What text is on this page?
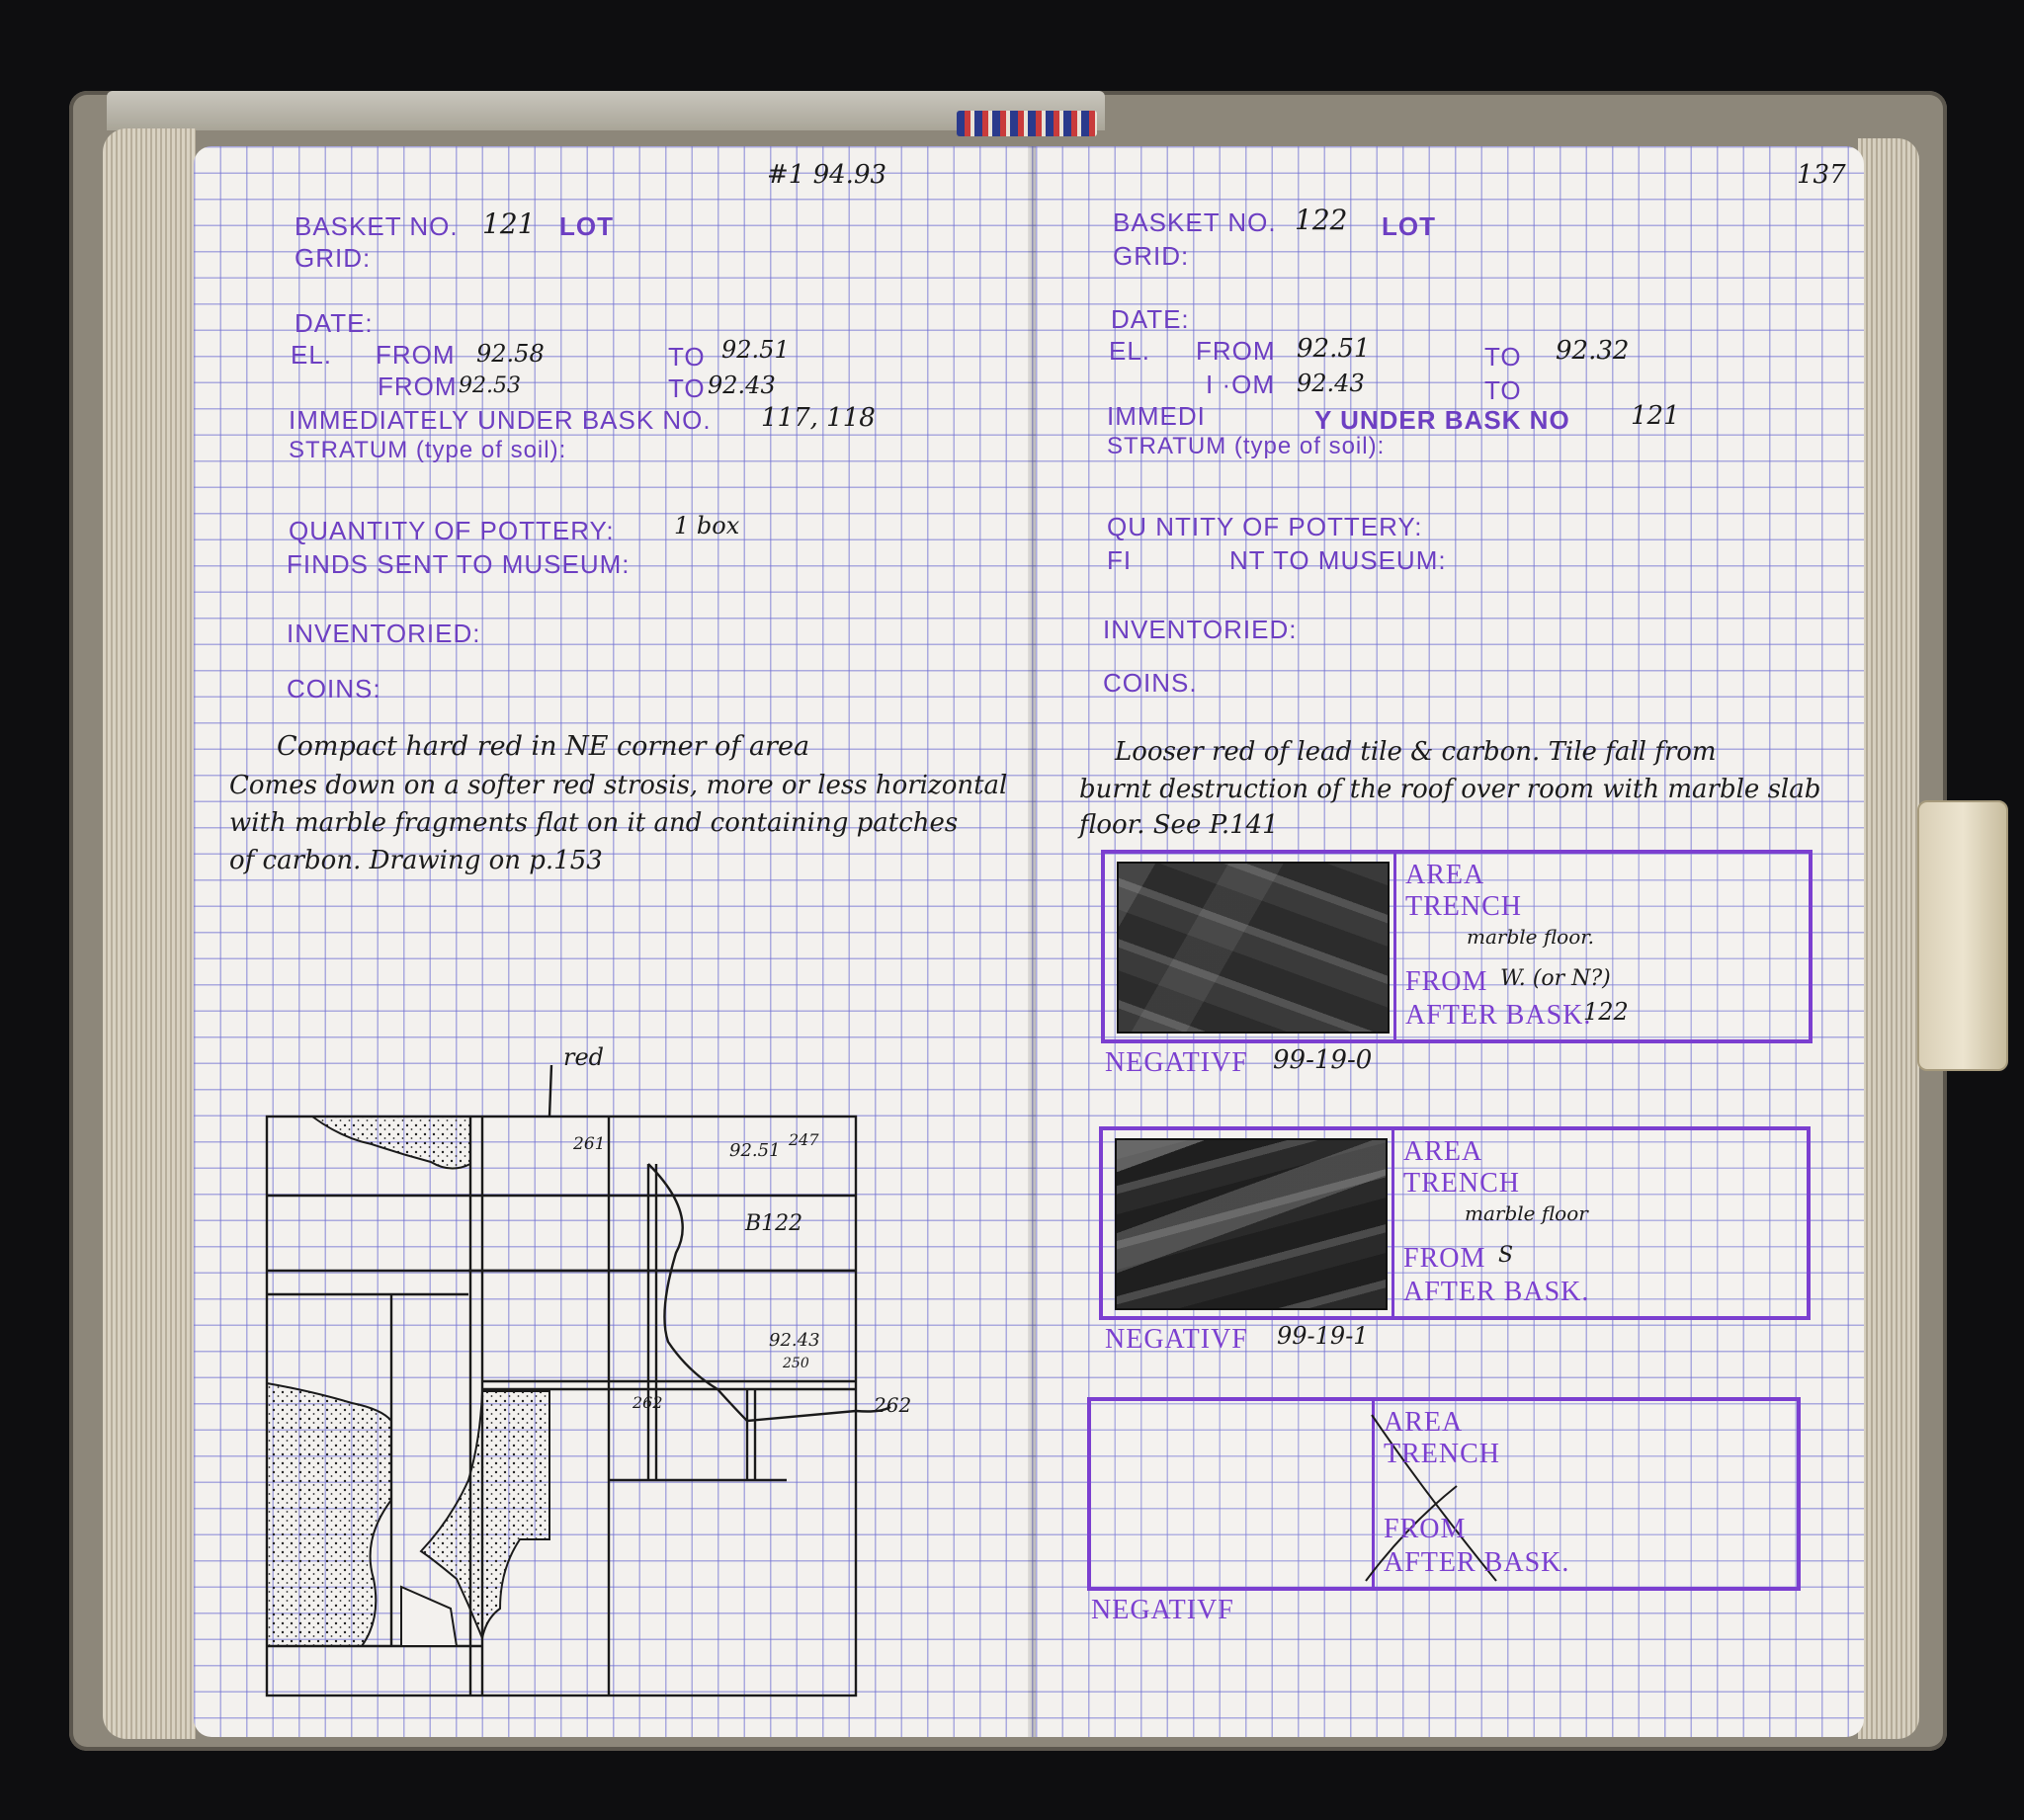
#1 94.93
BASKET NO. 121 LOT
GRID:
DATE:
EL. FROM 92.58	TO 92.51
FROM 92.53	TO 92.43
IMMEDIATELY UNDER BASK NO. 117, 118
STRATUM (type of soil):
QUANTITY OF POTTERY:	1 box
FINDS SENT TO MUSEUM:
INVENTORIED:
COINS:
Compact hard red in NE corner of area
Comes down on a softer red strosis, more or less horizontal
with marble fragments flat on it and containing patches
of carbon. Drawing on p.153
red
261	92.51
247
B122
92.43
250
262	262
137
BASKET NO. 122 LOT
GRID:
DATE:
EL. FROM 92.51	TO 92.32
I ·OM 92.43	TO
IMMEDI	Y UNDER BASK NO 121
STRATUM (type of soil):
QU NTITY OF POTTERY:
FI	NT TO MUSEUM:
INVENTORIED:
COINS.
Looser red of lead tile & carbon. Tile fall from
burnt destruction of the roof over room with marble slab
floor. See P.141
AREA
TRENCH
marble floor.
FROM W. (or N?)
AFTER BASK.
122
NEGATIVF 99-19-0
AREA
TRENCH
marble floor
FROM S
AFTER BASK.
NEGATIVF 99-19-1
AREA
TRENCH
FROM
AFTER BASK.
NEGATIVF
